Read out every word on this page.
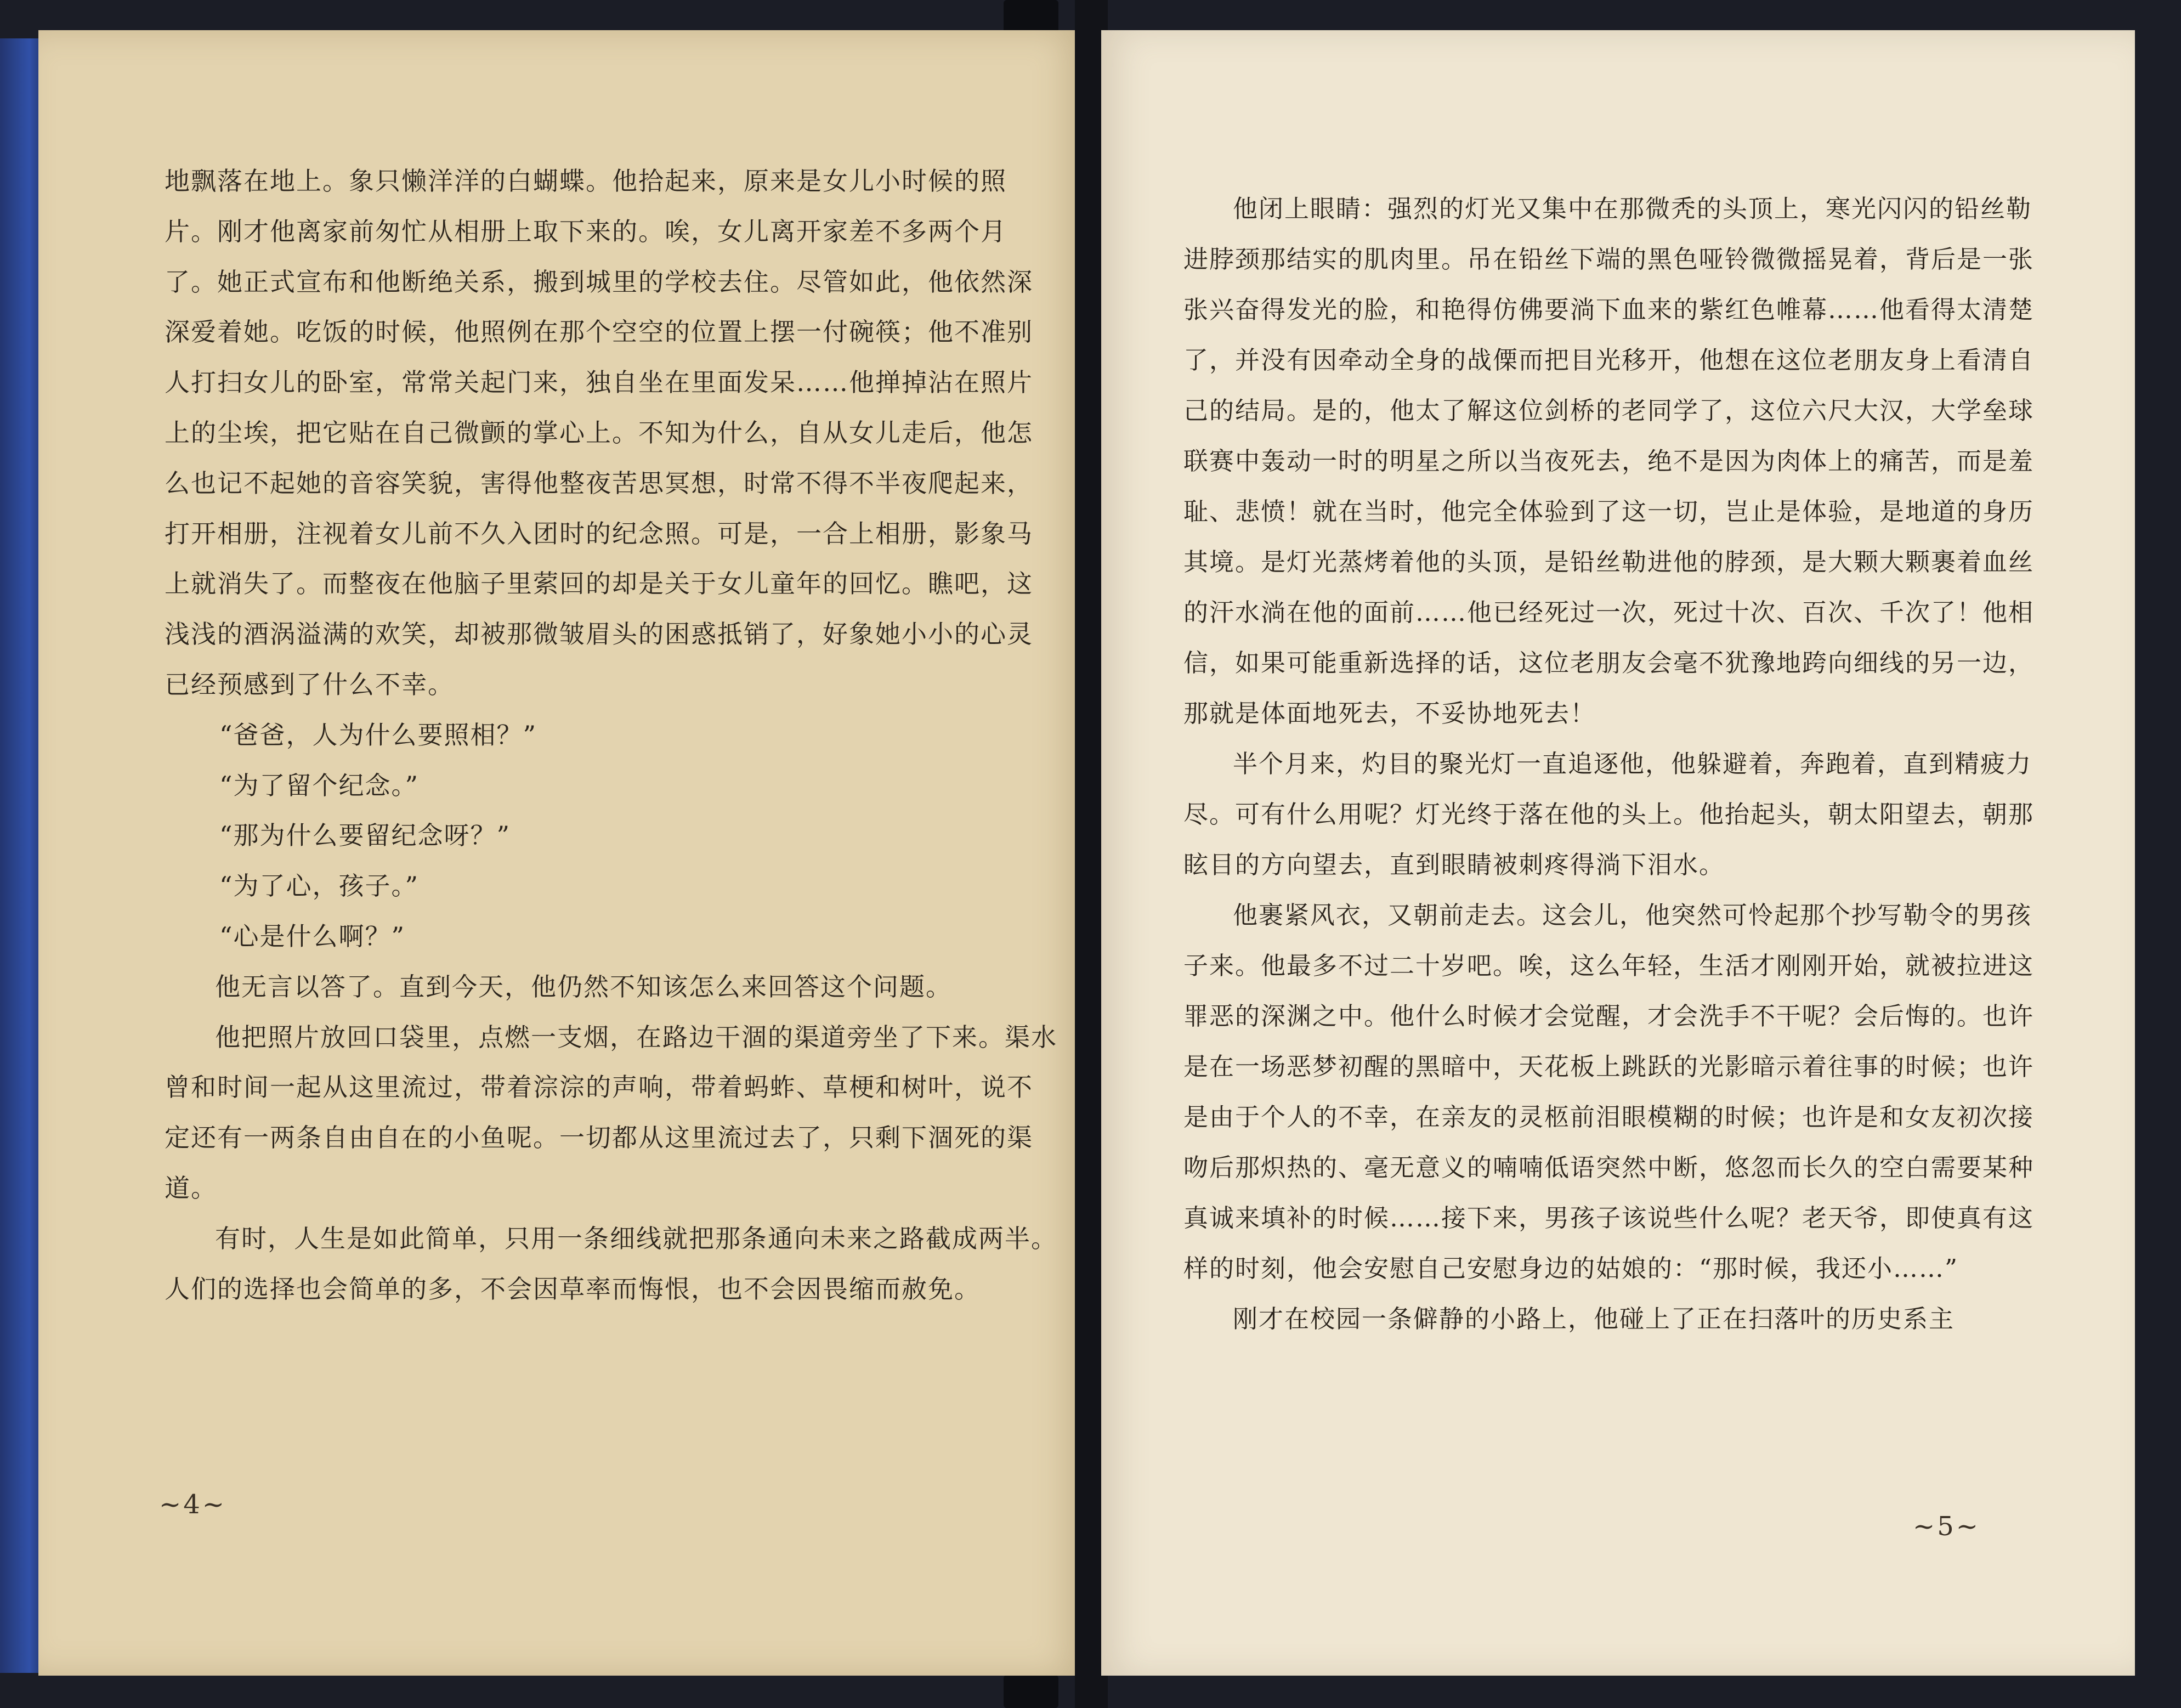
地飘落在地上。象只懒洋洋的白蝴蝶。他拾起来，原来是女儿小时候的照片。刚才他离家前匆忙从相册上取下来的。唉，女儿离开家差不多两个月了。她正式宣布和他断绝关系，搬到城里的学校去住。尽管如此，他依然深深爱着她。吃饭的时候，他照例在那个空空的位置上摆一付碗筷；他不准别人打扫女儿的卧室，常常关起门来，独自坐在里面发呆……他掸掉沾在照片上的尘埃，把它贴在自己微颤的掌心上。不知为什么，自从女儿走后，他怎么也记不起她的音容笑貌，害得他整夜苦思冥想，时常不得不半夜爬起来，打开相册，注视着女儿前不久入团时的纪念照。可是，一合上相册，影象马上就消失了。而整夜在他脑子里萦回的却是关于女儿童年的回忆。瞧吧，这浅浅的酒涡溢满的欢笑，却被那微皱眉头的困惑抵销了，好象她小小的心灵已经预感到了什么不幸。

“爸爸，人为什么要照相？”

“为了留个纪念。”

“那为什么要留纪念呀？”

“为了心，孩子。”

“心是什么啊？”

他无言以答了。直到今天，他仍然不知该怎么来回答这个问题。

他把照片放回口袋里，点燃一支烟，在路边干涸的渠道旁坐了下来。渠水曾和时间一起从这里流过，带着淙淙的声响，带着蚂蚱、草梗和树叶，说不定还有一两条自由自在的小鱼呢。一切都从这里流过去了，只剩下涸死的渠道。

有时，人生是如此简单，只用一条细线就把那条通向未来之路截成两半。人们的选择也会简单的多，不会因草率而悔恨，也不会因畏缩而赦免。

~4~

他闭上眼睛：强烈的灯光又集中在那微秃的头顶上，寒光闪闪的铅丝勒进脖颈那结实的肌肉里。吊在铅丝下端的黑色哑铃微微摇晃着，背后是一张张兴奋得发光的脸，和艳得仿佛要淌下血来的紫红色帷幕……他看得太清楚了，并没有因牵动全身的战傈而把目光移开，他想在这位老朋友身上看清自己的结局。是的，他太了解这位剑桥的老同学了，这位六尺大汉，大学垒球联赛中轰动一时的明星之所以当夜死去，绝不是因为肉体上的痛苦，而是羞耻、悲愤！就在当时，他完全体验到了这一切，岂止是体验，是地道的身历其境。是灯光蒸烤着他的头顶，是铅丝勒进他的脖颈，是大颗大颗裹着血丝的汗水淌在他的面前……他已经死过一次，死过十次、百次、千次了！他相信，如果可能重新选择的话，这位老朋友会毫不犹豫地跨向细线的另一边，那就是体面地死去，不妥协地死去！

半个月来，灼目的聚光灯一直追逐他，他躲避着，奔跑着，直到精疲力尽。可有什么用呢？灯光终于落在他的头上。他抬起头，朝太阳望去，朝那眩目的方向望去，直到眼睛被刺疼得淌下泪水。

他裹紧风衣，又朝前走去。这会儿，他突然可怜起那个抄写勒令的男孩子来。他最多不过二十岁吧。唉，这么年轻，生活才刚刚开始，就被拉进这罪恶的深渊之中。他什么时候才会觉醒，才会洗手不干呢？会后悔的。也许是在一场恶梦初醒的黑暗中，天花板上跳跃的光影暗示着往事的时候；也许是由于个人的不幸，在亲友的灵柩前泪眼模糊的时候；也许是和女友初次接吻后那炽热的、毫无意义的喃喃低语突然中断，悠忽而长久的空白需要某种真诚来填补的时候……接下来，男孩子该说些什么呢？老天爷，即使真有这样的时刻，他会安慰自己安慰身边的姑娘的：“那时候，我还小……”

刚才在校园一条僻静的小路上，他碰上了正在扫落叶的历史系主

~5~
